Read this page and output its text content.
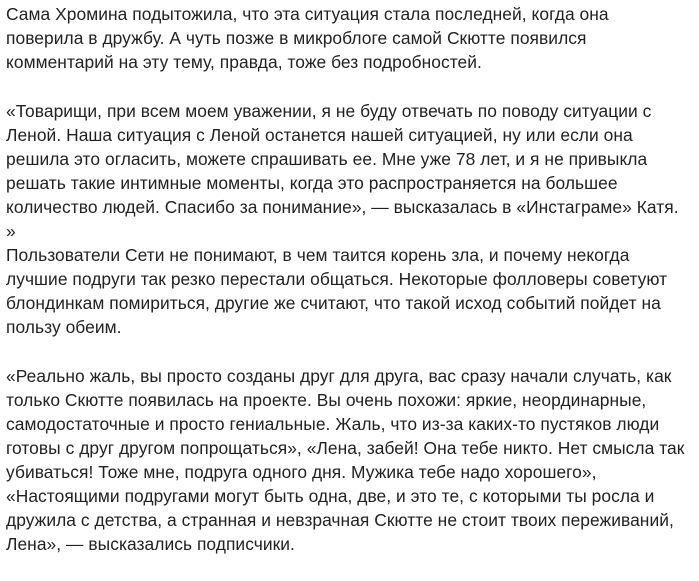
Сама Хромина подытожила, что эта ситуация стала последней, когда она
поверила в дружбу. А чуть позже в микроблоге самой Скютте появился
комментарий на эту тему, правда, тоже без подробностей.
«Товарищи, при всем моем уважении, я не буду отвечать по поводу ситуации с
Леной. Наша ситуация с Леной останется нашей ситуацией, ну или если она
решила это огласить, можете спрашивать ее. Мне уже 78 лет, и я не привыкла
решать такие интимные моменты, когда это распространяется на большее
количество людей. Спасибо за понимание», — высказалась в «Инстаграме» Катя.
»
Пользователи Сети не понимают, в чем таится корень зла, и почему некогда
лучшие подруги так резко перестали общаться. Некоторые фолловеры советуют
блондинкам помириться, другие же считают, что такой исход событий пойдет на
пользу обеим.
«Реально жаль, вы просто созданы друг для друга, вас сразу начали случать, как
только Скютте появилась на проекте. Вы очень похожи: яркие, неординарные,
самодостаточные и просто гениальные. Жаль, что из-за каких-то пустяков люди
готовы с друг другом попрощаться», «Лена, забей! Она тебе никто. Нет смысла так
убиваться! Тоже мне, подруга одного дня. Мужика тебе надо хорошего»,
«Настоящими подругами могут быть одна, две, и это те, с которыми ты росла и
дружила с детства, а странная и невзрачная Скютте не стоит твоих переживаний,
Лена», — высказались подписчики.
